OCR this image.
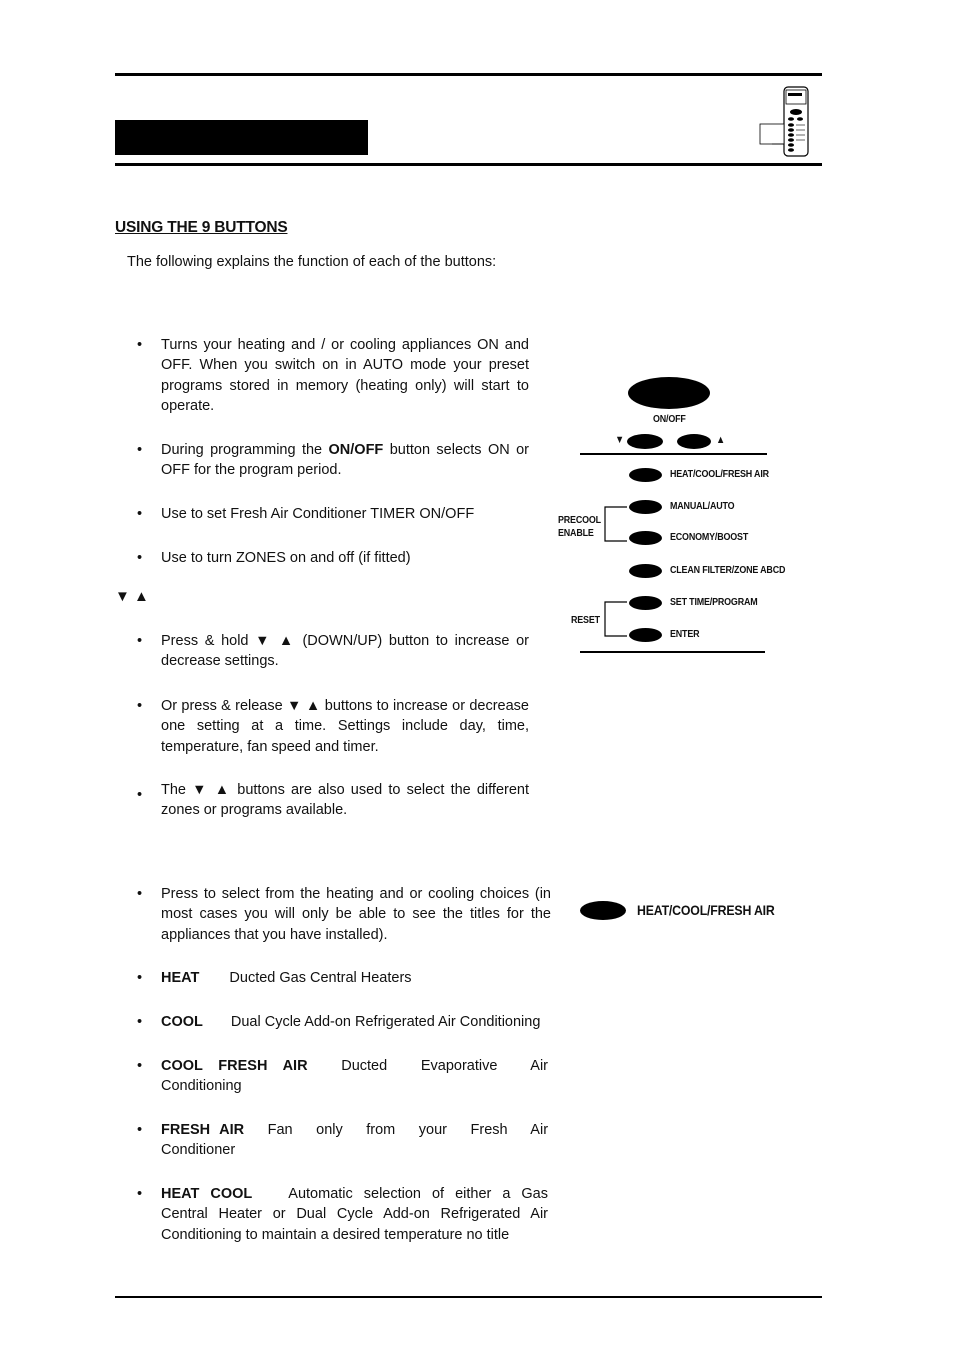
USING THE 9 BUTTONS
The following explains the function of each of the buttons:
•	Turns your heating and / or cooling appliances ON and OFF. When you switch on in AUTO mode your preset programs stored in memory (heating only) will start to operate.
•	During programming the ON/OFF button selects ON or OFF for the program period.
•	Use to set Fresh Air Conditioner TIMER ON/OFF
•	Use to turn ZONES on and off (if fitted)
▼ ▲
•	Press & hold ▼ ▲ (DOWN/UP) button to increase or decrease settings.
•	Or press & release ▼ ▲ buttons to increase or decrease one setting at a time. Settings include day, time, temperature, fan speed and timer.
•	The ▼ ▲ buttons are also used to select the different zones or programs available.
•	Press to select from the heating and or cooling choices (in most cases you will only be able to see the titles for the appliances that you have installed).
•	HEAT Ducted Gas Central Heaters
•	COOL Dual Cycle Add-on Refrigerated Air Conditioning
•	COOL FRESH AIR Ducted Evaporative Air Conditioning
•	FRESH AIR Fan only from your Fresh Air Conditioner
•	HEAT COOL Automatic selection of either a Gas Central Heater or Dual Cycle Add-on Refrigerated Air Conditioning to maintain a desired temperature no title
ON/OFF
▼	▲
HEAT/COOL/FRESH AIR
MANUAL/AUTO
ECONOMY/BOOST
CLEAN FILTER/ZONE ABCD
SET TIME/PROGRAM
ENTER
PRECOOL
ENABLE
RESET
HEAT/COOL/FRESH AIR
